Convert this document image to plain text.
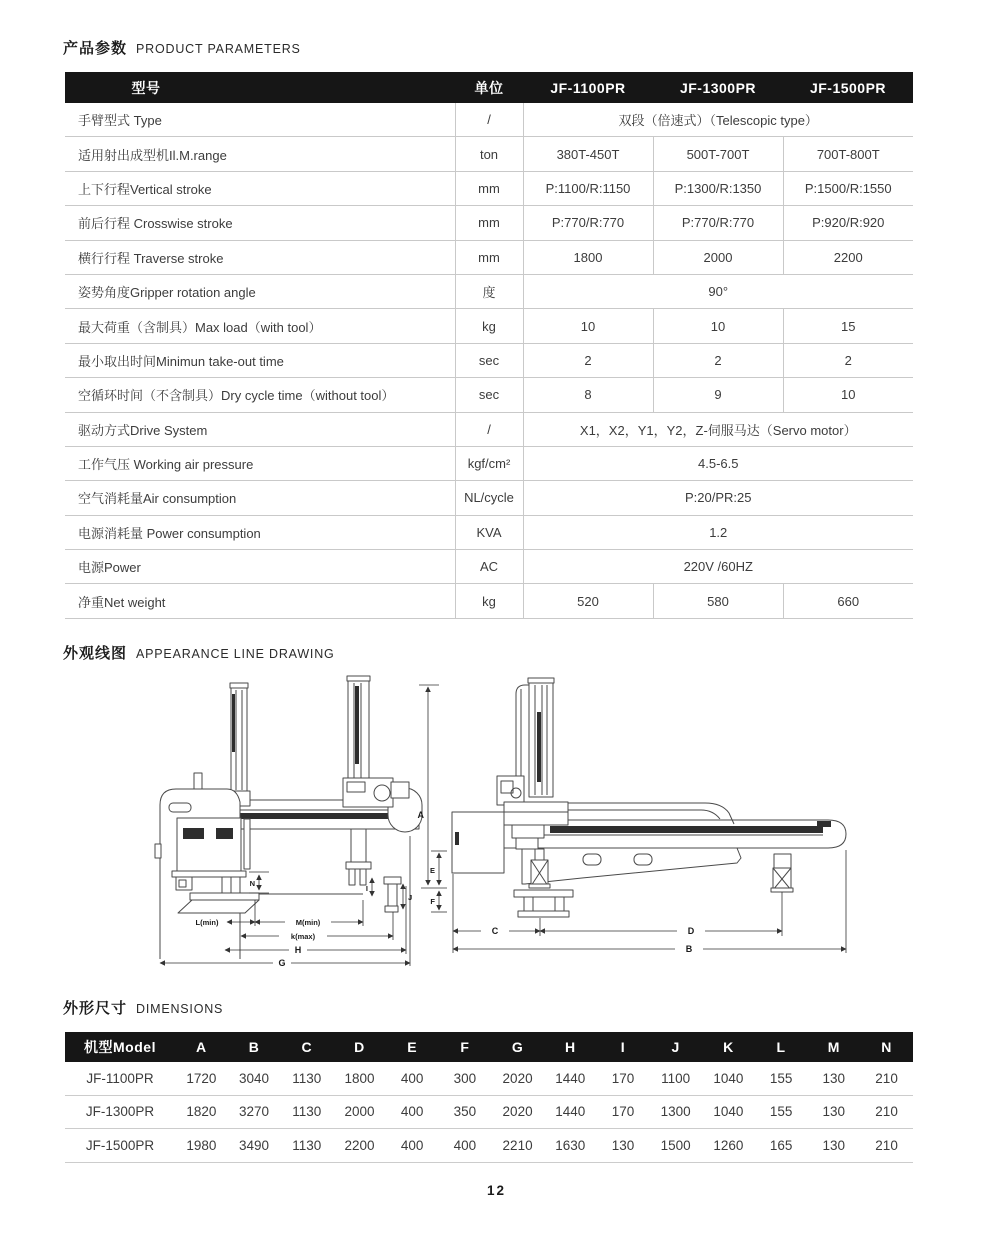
产品参数 PRODUCT PARAMETERS
型号	单位	JF-1100PR	JF-1300PR	JF-1500PR
手臂型式 Type	/	双段（倍速式）（Telescopic type）		
适用射出成型机Il.M.range	ton	380T-450T	500T-700T	700T-800T
上下行程Vertical stroke	mm	P:1100/R:1150	P:1300/R:1350	P:1500/R:1550
前后行程 Crosswise stroke	mm	P:770/R:770	P:770/R:770	P:920/R:920
横行行程 Traverse stroke	mm	1800	2000	2200
姿势角度Gripper rotation angle	度	90°		
最大荷重（含制具）Max load（with tool）	kg	10	10	15
最小取出时间Minimun take-out time	sec	2	2	2
空循环时间（不含制具）Dry cycle time（without tool）	sec	8	9	10
驱动方式Drive System	/	X1，X2，Y1，Y2，Z-伺服马达（Servo motor）		
工作气压 Working air pressure	kgf/cm²	4.5-6.5		
空气消耗量Air consumption	NL/cycle	P:20/PR:25		
电源消耗量 Power consumption	KVA	1.2		
电源Power	AC	220V /60HZ		
净重Net weight	kg	520	580	660
外观线图 APPEARANCE LINE DRAWING
N
I
J
L(min)	M(min)
k(max)
H
G
A
E
F
C	D
B
外形尺寸 DIMENSIONS
机型Model	A	B	C	D	E	F	G	H	I	J	K	L	M	N
JF-1100PR	1720	3040	1130	1800	400	300	2020	1440	170	1100	1040	155	130	210
JF-1300PR	1820	3270	1130	2000	400	350	2020	1440	170	1300	1040	155	130	210
JF-1500PR	1980	3490	1130	2200	400	400	2210	1630	130	1500	1260	165	130	210
12
